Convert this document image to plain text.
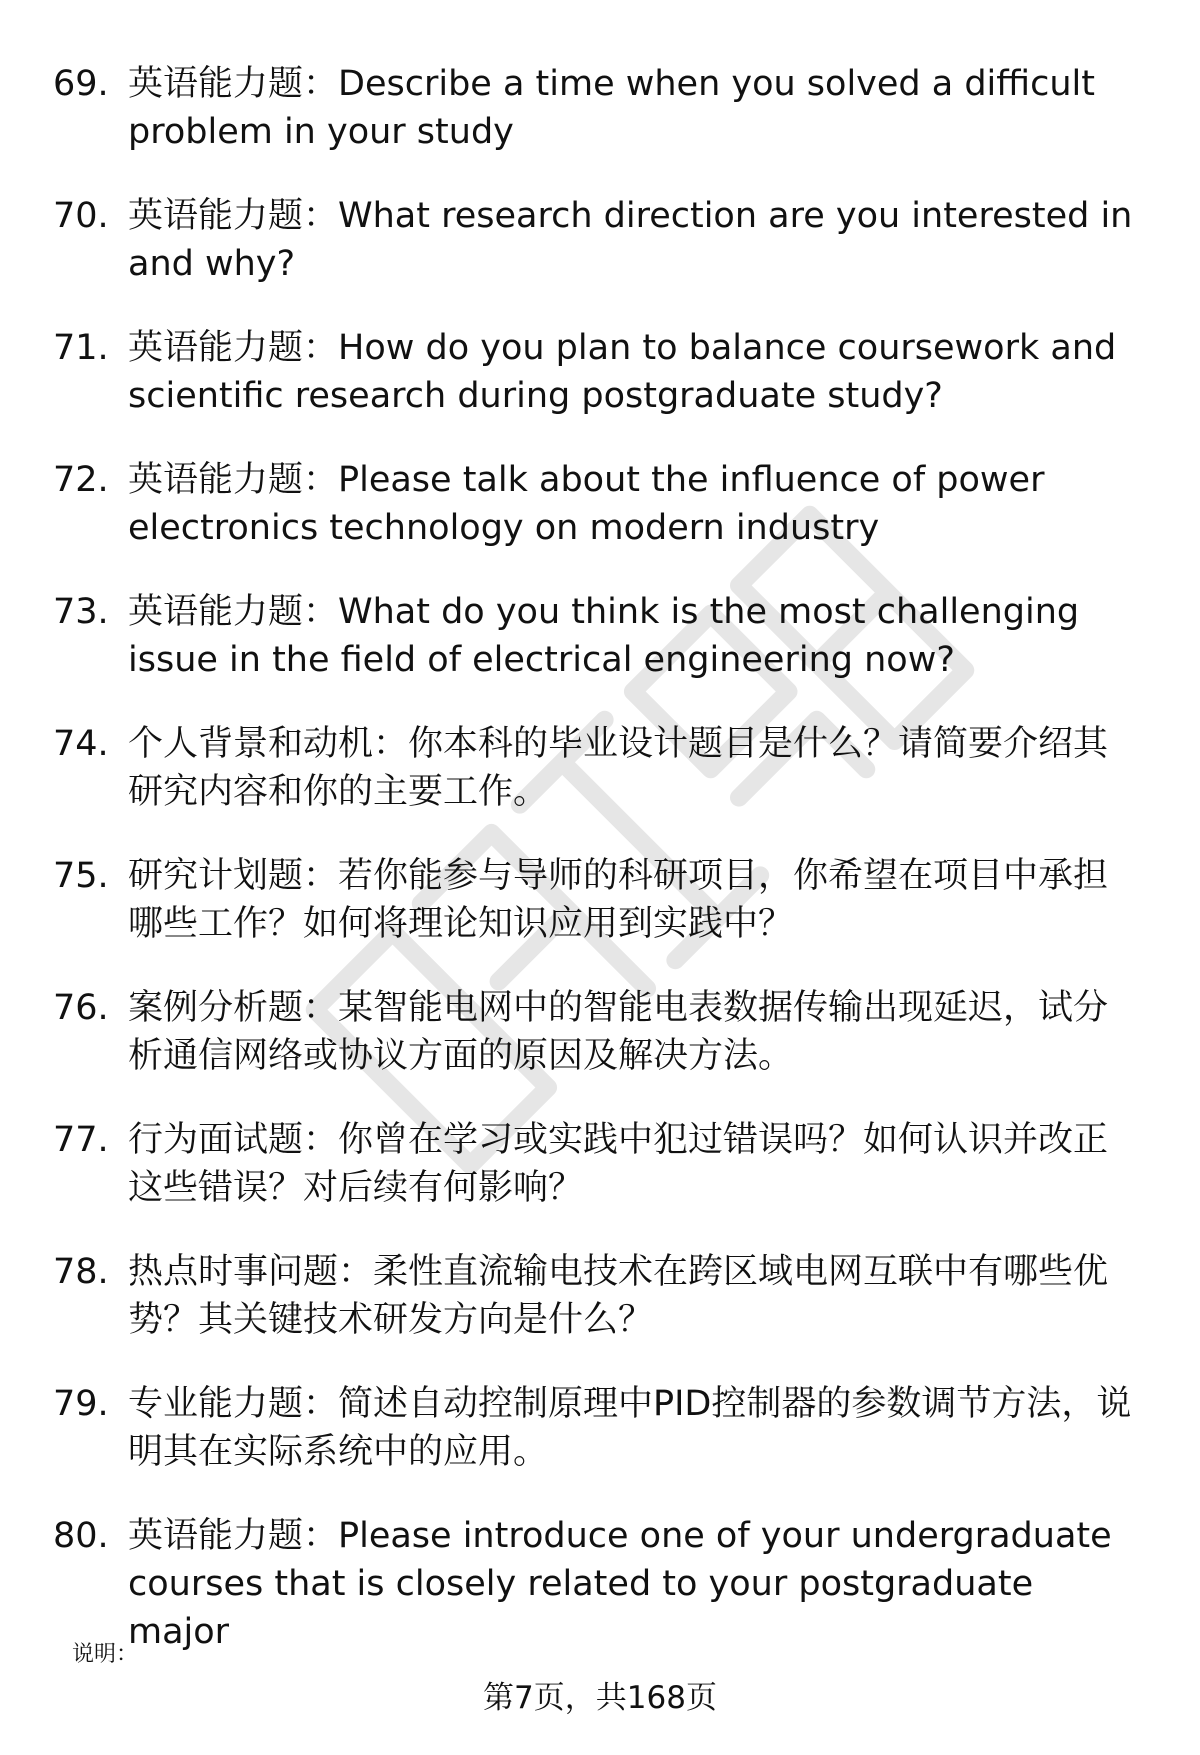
69. 英语能力题：Describe a time when you solved a difficult problem in your study
70. 英语能力题：What research direction are you interested in and why?
71. 英语能力题：How do you plan to balance coursework and scientific research during postgraduate study?
72. 英语能力题：Please talk about the influence of power electronics technology on modern industry
73. 英语能力题：What do you think is the most challenging issue in the field of electrical engineering now?
74. 个人背景和动机：你本科的毕业设计题目是什么？请简要介绍其研究内容和你的主要工作。
75. 研究计划题：若你能参与导师的科研项目，你希望在项目中承担哪些工作？如何将理论知识应用到实践中？
76. 案例分析题：某智能电网中的智能电表数据传输出现延迟，试分析通信网络或协议方面的原因及解决方法。
77. 行为面试题：你曾在学习或实践中犯过错误吗？如何认识并改正这些错误？对后续有何影响？
78. 热点时事问题：柔性直流输电技术在跨区域电网互联中有哪些优势？其关键技术研发方向是什么？
79. 专业能力题：简述自动控制原理中PID控制器的参数调节方法，说明其在实际系统中的应用。
80. 英语能力题：Please introduce one of your undergraduate courses that is closely related to your postgraduate major
说明：
第7页，共168页
